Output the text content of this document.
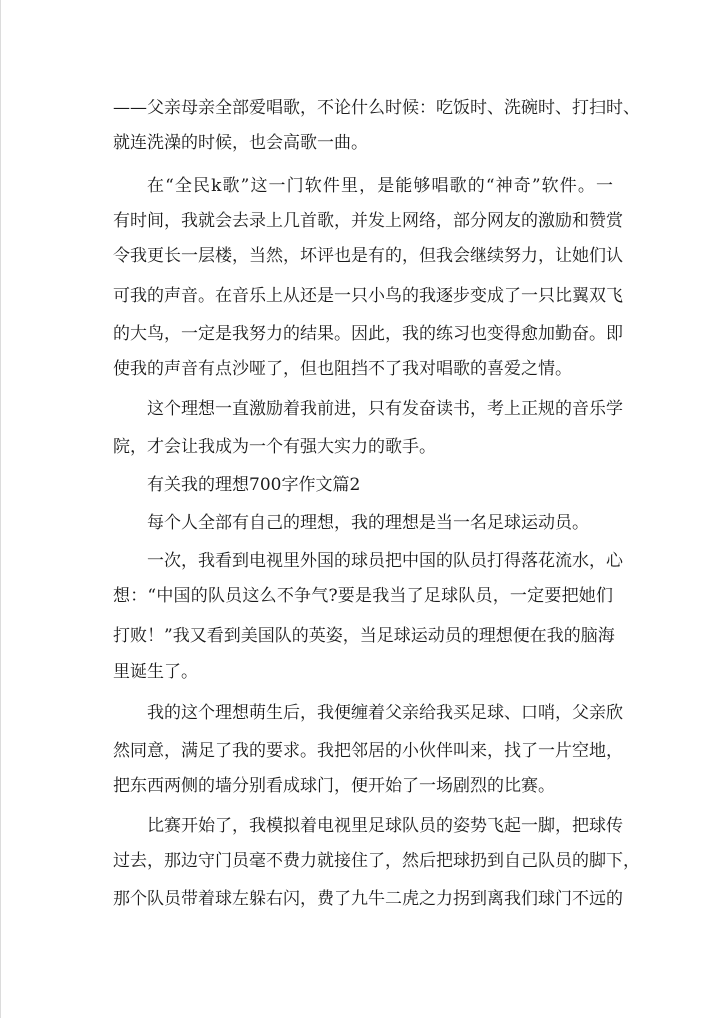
——父亲母亲全部爱唱歌，不论什么时候：吃饭时、洗碗时、打扫时、
就连洗澡的时候，也会高歌一曲。
在“全民k歌”这一门软件里，是能够唱歌的“神奇”软件。一
有时间，我就会去录上几首歌，并发上网络，部分网友的激励和赞赏
令我更长一层楼，当然，坏评也是有的，但我会继续努力，让她们认
可我的声音。在音乐上从还是一只小鸟的我逐步变成了一只比翼双飞
的大鸟，一定是我努力的结果。因此，我的练习也变得愈加勤奋。即
使我的声音有点沙哑了，但也阻挡不了我对唱歌的喜爱之情。
这个理想一直激励着我前进，只有发奋读书，考上正规的音乐学
院，才会让我成为一个有强大实力的歌手。
有关我的理想700字作文篇2
每个人全部有自己的理想，我的理想是当一名足球运动员。
一次，我看到电视里外国的球员把中国的队员打得落花流水，心
想：“中国的队员这么不争气?要是我当了足球队员，一定要把她们
打败！”我又看到美国队的英姿，当足球运动员的理想便在我的脑海
里诞生了。
我的这个理想萌生后，我便缠着父亲给我买足球、口哨，父亲欣
然同意，满足了我的要求。我把邻居的小伙伴叫来，找了一片空地，
把东西两侧的墙分别看成球门，便开始了一场剧烈的比赛。
比赛开始了，我模拟着电视里足球队员的姿势飞起一脚，把球传
过去，那边守门员毫不费力就接住了，然后把球扔到自己队员的脚下，
那个队员带着球左躲右闪，费了九牛二虎之力拐到离我们球门不远的
